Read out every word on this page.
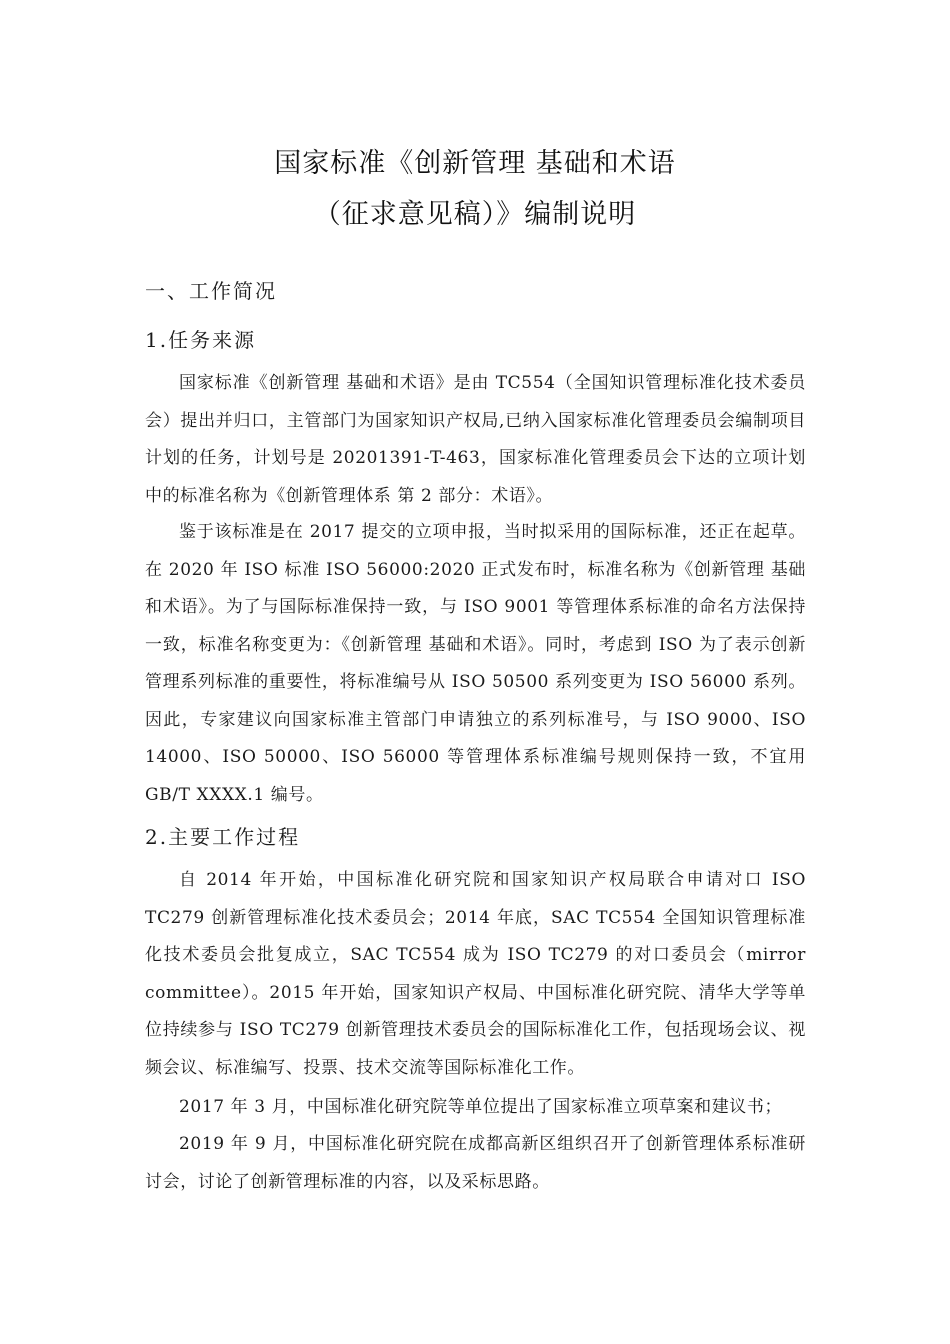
国家标准《创新管理 基础和术语
（征求意见稿）》编制说明
一、工作简况
1.任务来源

国家标准《创新管理 基础和术语》是由 TC554（全国知识管理标准化技术委员会）提出并归口，主管部门为国家知识产权局,已纳入国家标准化管理委员会编制项目计划的任务，计划号是 20201391-T-463，国家标准化管理委员会下达的立项计划中的标准名称为《创新管理体系 第 2 部分：术语》。

鉴于该标准是在 2017 提交的立项申报，当时拟采用的国际标准，还正在起草。在 2020 年 ISO 标准 ISO 56000:2020 正式发布时，标准名称为《创新管理 基础和术语》。为了与国际标准保持一致，与 ISO 9001 等管理体系标准的命名方法保持一致，标准名称变更为：《创新管理 基础和术语》。同时，考虑到 ISO 为了表示创新管理系列标准的重要性，将标准编号从 ISO 50500 系列变更为 ISO 56000 系列。因此，专家建议向国家标准主管部门申请独立的系列标准号，与 ISO 9000、ISO 14000、ISO 50000、ISO 56000 等管理体系标准编号规则保持一致，不宜用 GB/T XXXX.1 编号。

2.主要工作过程

自 2014 年开始，中国标准化研究院和国家知识产权局联合申请对口 ISO TC279 创新管理标准化技术委员会；2014 年底，SAC TC554 全国知识管理标准化技术委员会批复成立，SAC TC554 成为 ISO TC279 的对口委员会（mirror committee）。2015 年开始，国家知识产权局、中国标准化研究院、清华大学等单位持续参与 ISO TC279 创新管理技术委员会的国际标准化工作，包括现场会议、视频会议、标准编写、投票、技术交流等国际标准化工作。

2017 年 3 月，中国标准化研究院等单位提出了国家标准立项草案和建议书；

2019 年 9 月，中国标准化研究院在成都高新区组织召开了创新管理体系标准研讨会，讨论了创新管理标准的内容，以及采标思路。
